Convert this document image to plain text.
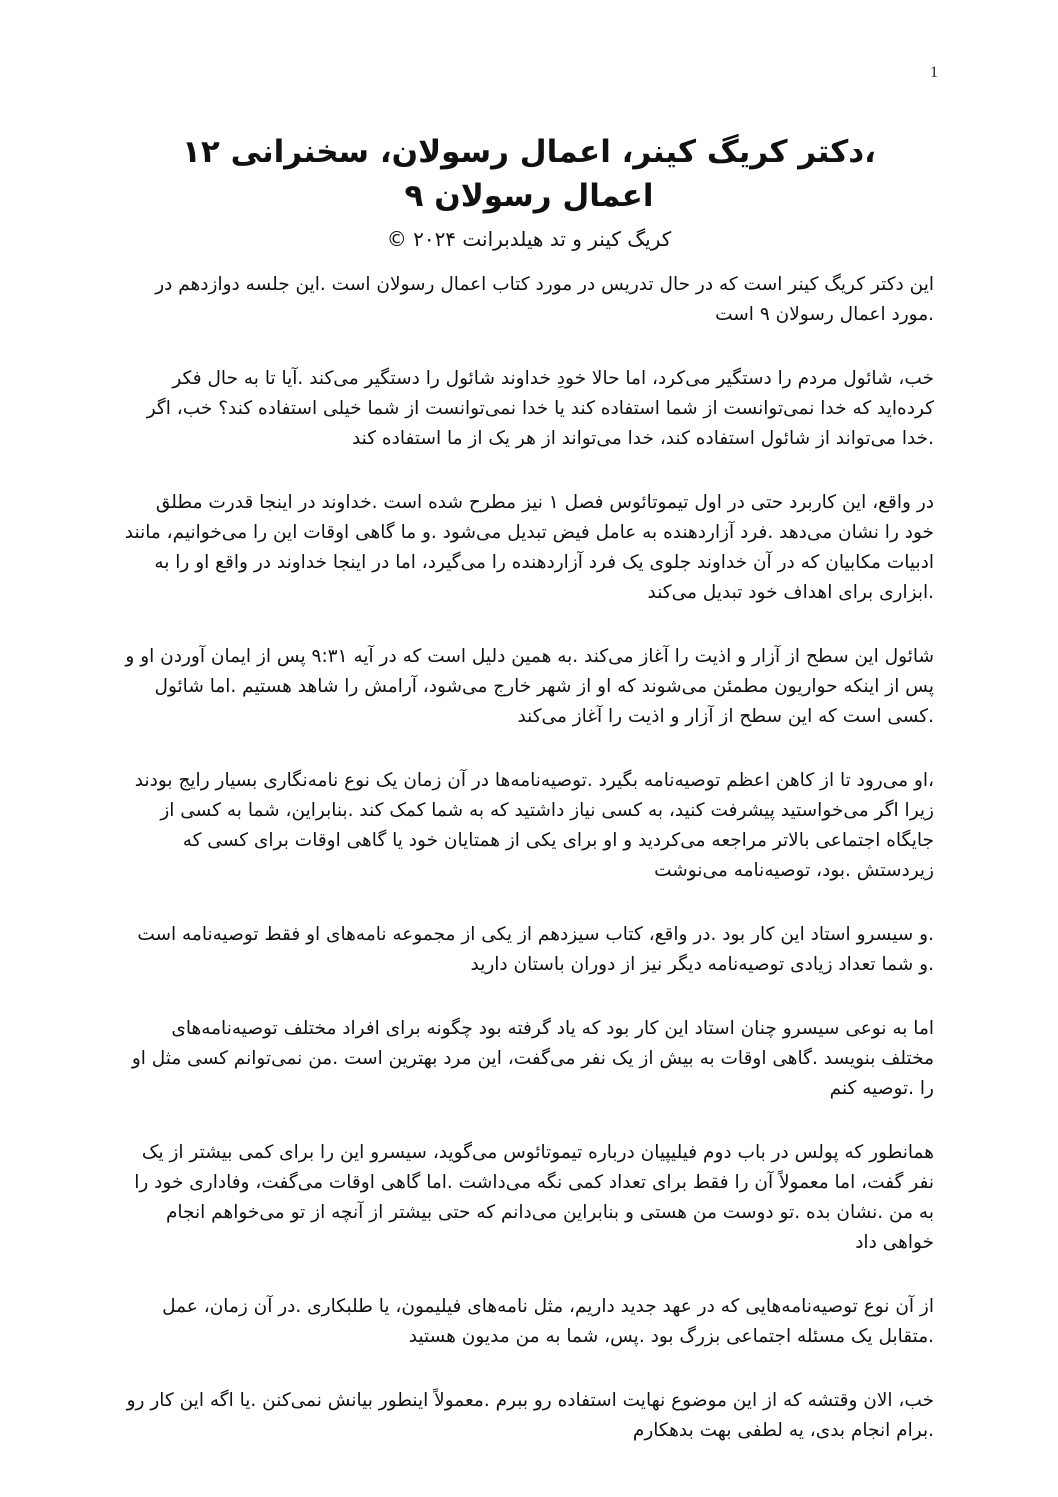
1

،دکتر کریگ کینر، اعمال رسولان، سخنرانی ۱۲

اعمال رسولان ۹

کریگ کینر و تد هیلدبرانت ۲۰۲۴ ©

این دکتر کریگ کینر است که در حال تدریس در مورد کتاب اعمال رسولان است .این جلسه دوازدهم در .مورد اعمال رسولان ۹ است

خب، شائول مردم را دستگیر می‌کرد، اما حالا خودِ خداوند شائول را دستگیر می‌کند .آیا تا به حال فکر کرده‌اید که خدا نمی‌توانست از شما استفاده کند یا خدا نمی‌توانست از شما خیلی استفاده کند؟ خب، اگر .خدا می‌تواند از شائول استفاده کند، خدا می‌تواند از هر یک از ما استفاده کند

در واقع، این کاربرد حتی در اول تیموتائوس فصل ۱ نیز مطرح شده است .خداوند در اینجا قدرت مطلق خود را نشان می‌دهد .فرد آزاردهنده به عامل فیض تبدیل می‌شود .و ما گاهی اوقات این را می‌خوانیم، مانند ادبیات مکابیان که در آن خداوند جلوی یک فرد آزاردهنده را می‌گیرد، اما در اینجا خداوند در واقع او را به .ابزاری برای اهداف خود تبدیل می‌کند

شائول این سطح از آزار و اذیت را آغاز می‌کند .به همین دلیل است که در آیه ۹:۳۱ پس از ایمان آوردن او و پس از اینکه حواریون مطمئن می‌شوند که او از شهر خارج می‌شود، آرامش را شاهد هستیم .اما شائول .کسی است که این سطح از آزار و اذیت را آغاز می‌کند

،او می‌رود تا از کاهن اعظم توصیه‌نامه بگیرد .توصیه‌نامه‌ها در آن زمان یک نوع نامه‌نگاری بسیار رایج بودند زیرا اگر می‌خواستید پیشرفت کنید، به کسی نیاز داشتید که به شما کمک کند .بنابراین، شما به کسی از جایگاه اجتماعی بالاتر مراجعه می‌کردید و او برای یکی از همتایان خود یا گاهی اوقات برای کسی که زیردستش .بود، توصیه‌نامه می‌نوشت

.و سیسرو استاد این کار بود .در واقع، کتاب سیزدهم از یکی از مجموعه نامه‌های او فقط توصیه‌نامه است .و شما تعداد زیادی توصیه‌نامه دیگر نیز از دوران باستان دارید

اما به نوعی سیسرو چنان استاد این کار بود که یاد گرفته بود چگونه برای افراد مختلف توصیه‌نامه‌های مختلف بنویسد .گاهی اوقات به بیش از یک نفر می‌گفت، این مرد بهترین است .من نمی‌توانم کسی مثل او را .توصیه کنم

همانطور که پولس در باب دوم فیلیپیان درباره تیموتائوس می‌گوید، سیسرو این را برای کمی بیشتر از یک نفر گفت، اما معمولاً آن را فقط برای تعداد کمی نگه می‌داشت .اما گاهی اوقات می‌گفت، وفاداری خود را به من .نشان بده .تو دوست من هستی و بنابراین می‌دانم که حتی بیشتر از آنچه از تو می‌خواهم انجام خواهی داد

از آن نوع توصیه‌نامه‌هایی که در عهد جدید داریم، مثل نامه‌های فیلیمون، یا طلبکاری .در آن زمان، عمل .متقابل یک مسئله اجتماعی بزرگ بود .پس، شما به من مدیون هستید

خب، الان وقتشه که از این موضوع نهایت استفاده رو ببرم .معمولاً اینطور بیانش نمی‌کنن .یا اگه این کار رو .برام انجام بدی، یه لطفی بهت بدهکارم
